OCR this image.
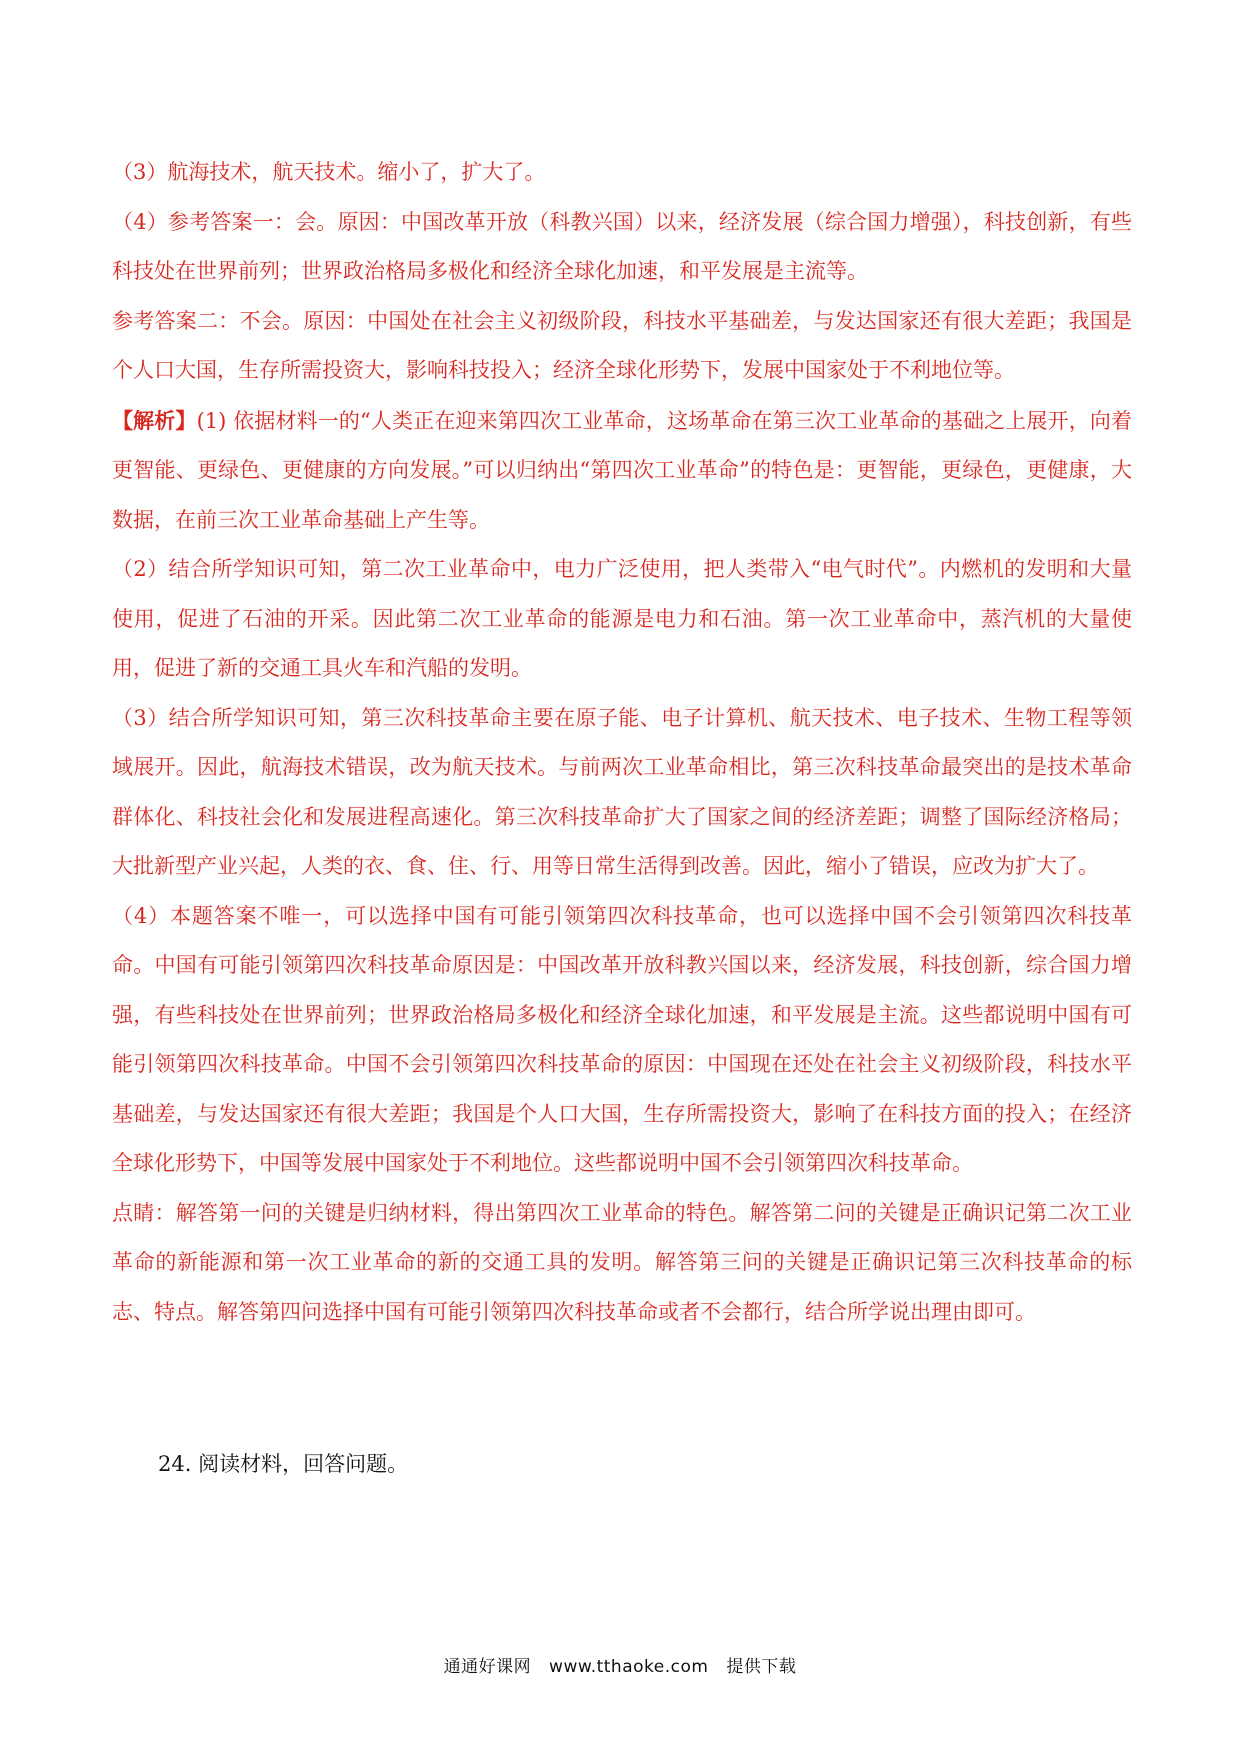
（3）航海技术，航天技术。缩小了，扩大了。

（4）参考答案一：会。原因：中国改革开放（科教兴国）以来，经济发展（综合国力增强），科技创新，有些科技处在世界前列；世界政治格局多极化和经济全球化加速，和平发展是主流等。

参考答案二：不会。原因：中国处在社会主义初级阶段，科技水平基础差，与发达国家还有很大差距；我国是个人口大国，生存所需投资大，影响科技投入；经济全球化形势下，发展中国家处于不利地位等。

【解析】(1) 依据材料一的“人类正在迎来第四次工业革命，这场革命在第三次工业革命的基础之上展开，向着更智能、更绿色、更健康的方向发展。”可以归纳出“第四次工业革命”的特色是：更智能，更绿色，更健康，大数据，在前三次工业革命基础上产生等。

（2）结合所学知识可知，第二次工业革命中，电力广泛使用，把人类带入“电气时代”。内燃机的发明和大量使用，促进了石油的开采。因此第二次工业革命的能源是电力和石油。第一次工业革命中，蒸汽机的大量使用，促进了新的交通工具火车和汽船的发明。

（3）结合所学知识可知，第三次科技革命主要在原子能、电子计算机、航天技术、电子技术、生物工程等领域展开。因此，航海技术错误，改为航天技术。与前两次工业革命相比，第三次科技革命最突出的是技术革命群体化、科技社会化和发展进程高速化。第三次科技革命扩大了国家之间的经济差距；调整了国际经济格局；大批新型产业兴起，人类的衣、食、住、行、用等日常生活得到改善。因此，缩小了错误，应改为扩大了。

（4）本题答案不唯一，可以选择中国有可能引领第四次科技革命，也可以选择中国不会引领第四次科技革命。中国有可能引领第四次科技革命原因是：中国改革开放科教兴国以来，经济发展，科技创新，综合国力增强，有些科技处在世界前列；世界政治格局多极化和经济全球化加速，和平发展是主流。这些都说明中国有可能引领第四次科技革命。中国不会引领第四次科技革命的原因：中国现在还处在社会主义初级阶段，科技水平基础差，与发达国家还有很大差距；我国是个人口大国，生存所需投资大，影响了在科技方面的投入；在经济全球化形势下，中国等发展中国家处于不利地位。这些都说明中国不会引领第四次科技革命。

点睛：解答第一问的关键是归纳材料，得出第四次工业革命的特色。解答第二问的关键是正确识记第二次工业革命的新能源和第一次工业革命的新的交通工具的发明。解答第三问的关键是正确识记第三次科技革命的标志、特点。解答第四问选择中国有可能引领第四次科技革命或者不会都行，结合所学说出理由即可。

24. 阅读材料，回答问题。

通通好课网 www.tthaoke.com 提供下载
